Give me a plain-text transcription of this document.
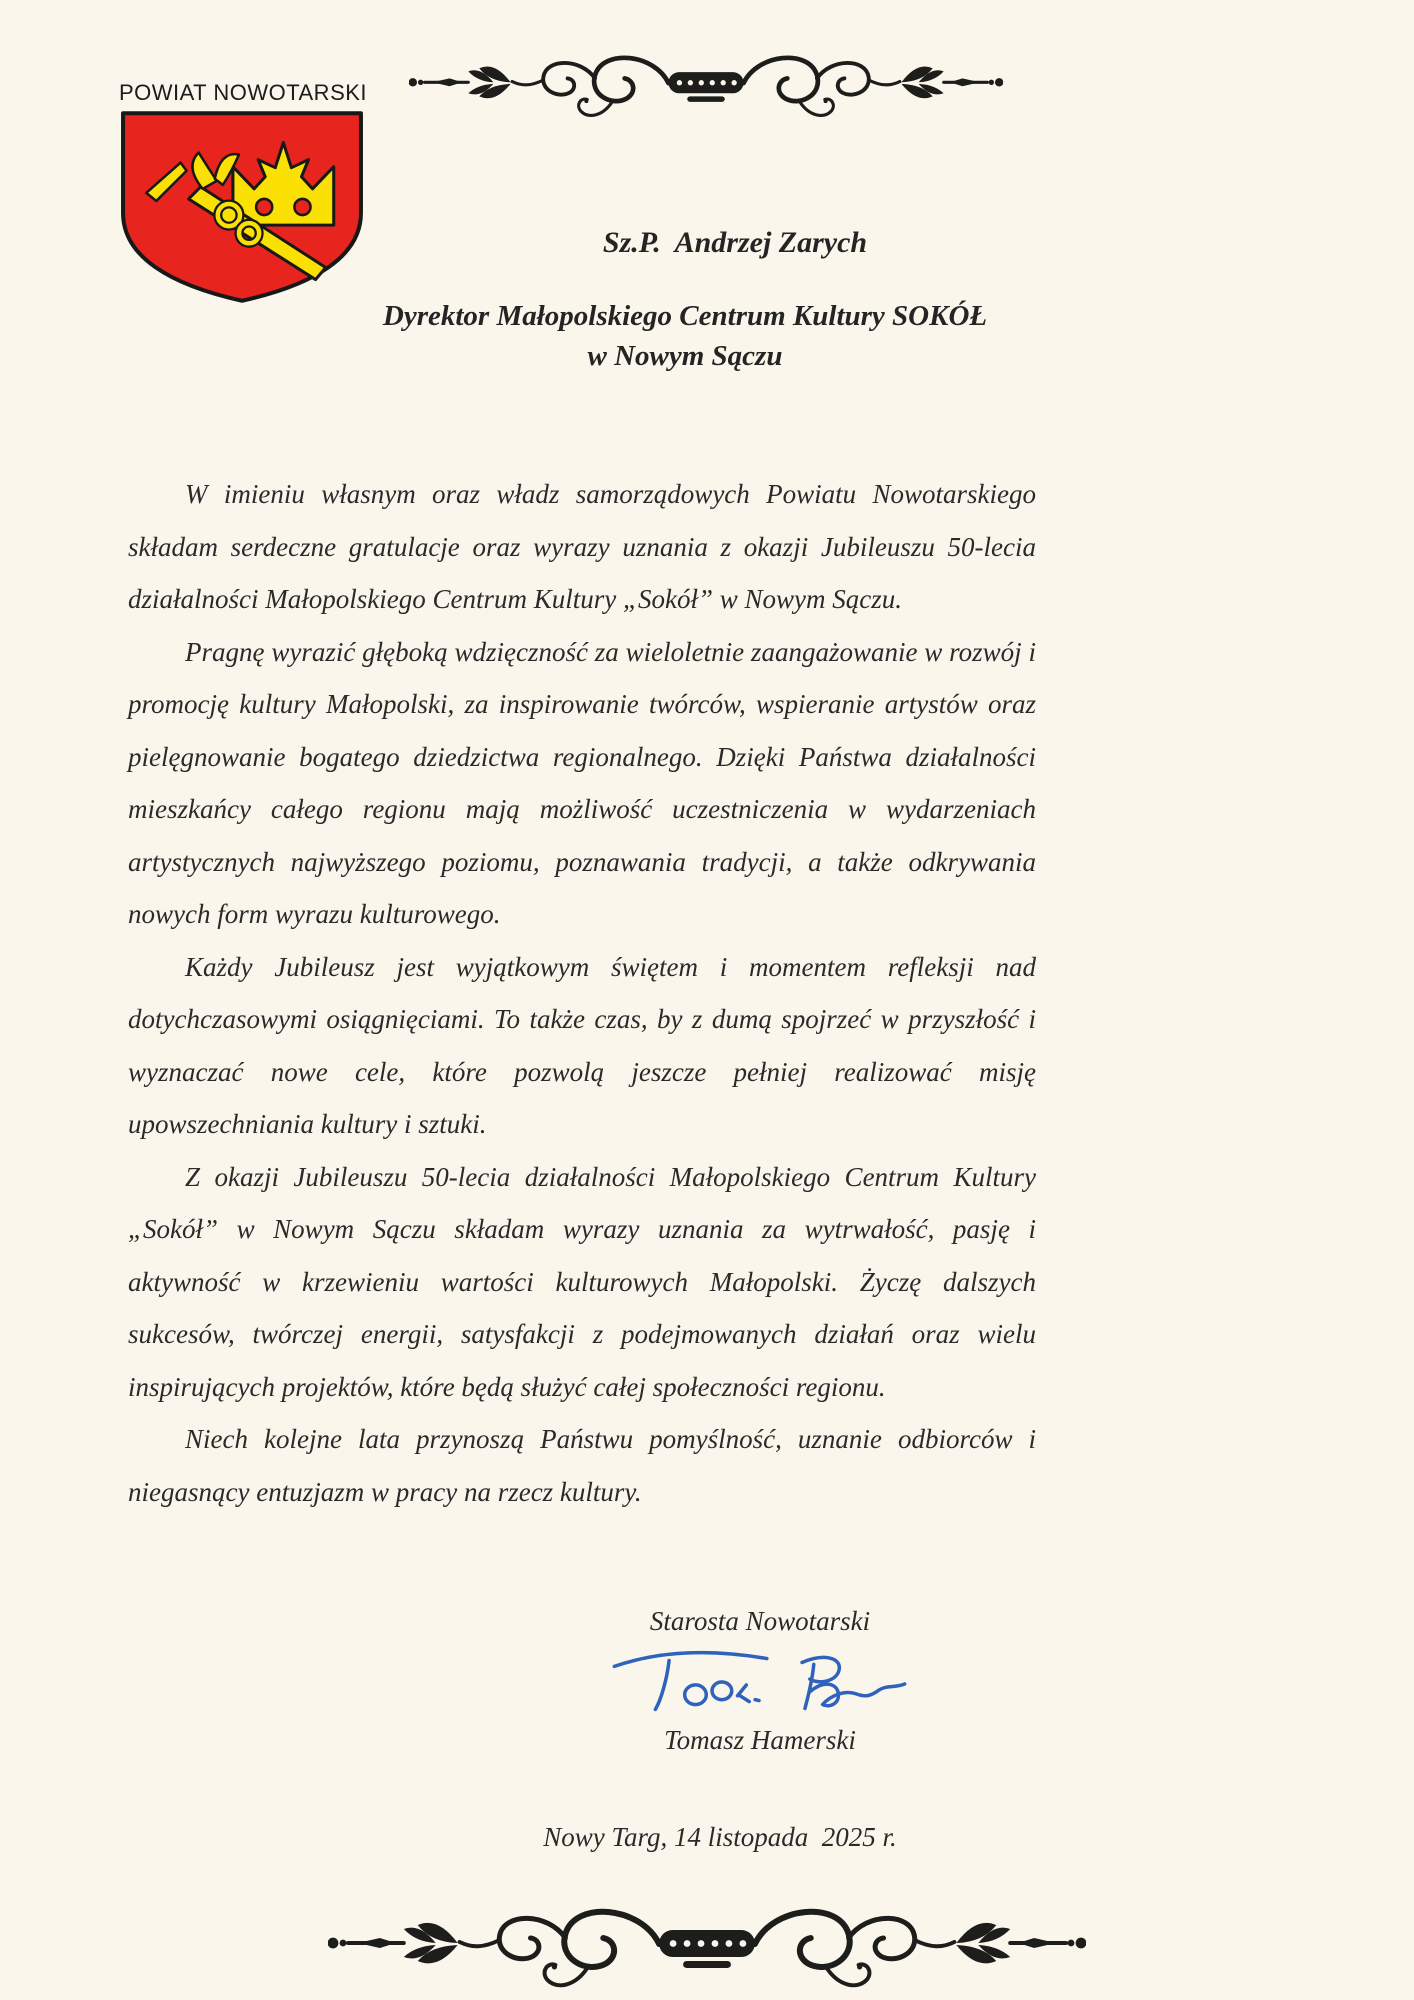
POWIAT NOWOTARSKI
Sz.P.  Andrzej Zarych
Dyrektor Małopolskiego Centrum Kultury SOKÓŁ
w Nowym Sączu

W imieniu własnym oraz władz samorządowych Powiatu Nowotarskiego składam serdeczne gratulacje oraz wyrazy uznania z okazji Jubileuszu 50-lecia działalności Małopolskiego Centrum Kultury „Sokół” w Nowym Sączu.

Pragnę wyrazić głęboką wdzięczność za wieloletnie zaangażowanie w rozwój i promocję kultury Małopolski, za inspirowanie twórców, wspieranie artystów oraz pielęgnowanie bogatego dziedzictwa regionalnego. Dzięki Państwa działalności mieszkańcy całego regionu mają możliwość uczestniczenia w wydarzeniach artystycznych najwyższego poziomu, poznawania tradycji, a także odkrywania nowych form wyrazu kulturowego.

Każdy Jubileusz jest wyjątkowym świętem i momentem refleksji nad dotychczasowymi osiągnięciami. To także czas, by z dumą spojrzeć w przyszłość i wyznaczać nowe cele, które pozwolą jeszcze pełniej realizować misję upowszechniania kultury i sztuki.

Z okazji Jubileuszu 50-lecia działalności Małopolskiego Centrum Kultury „Sokół” w Nowym Sączu składam wyrazy uznania za wytrwałość, pasję i aktywność w krzewieniu wartości kulturowych Małopolski. Życzę dalszych sukcesów, twórczej energii, satysfakcji z podejmowanych działań oraz wielu inspirujących projektów, które będą służyć całej społeczności regionu.

Niech kolejne lata przynoszą Państwu pomyślność, uznanie odbiorców i niegasnący entuzjazm w pracy na rzecz kultury.

Starosta Nowotarski
Tomasz Hamerski
Nowy Targ, 14 listopada  2025 r.
